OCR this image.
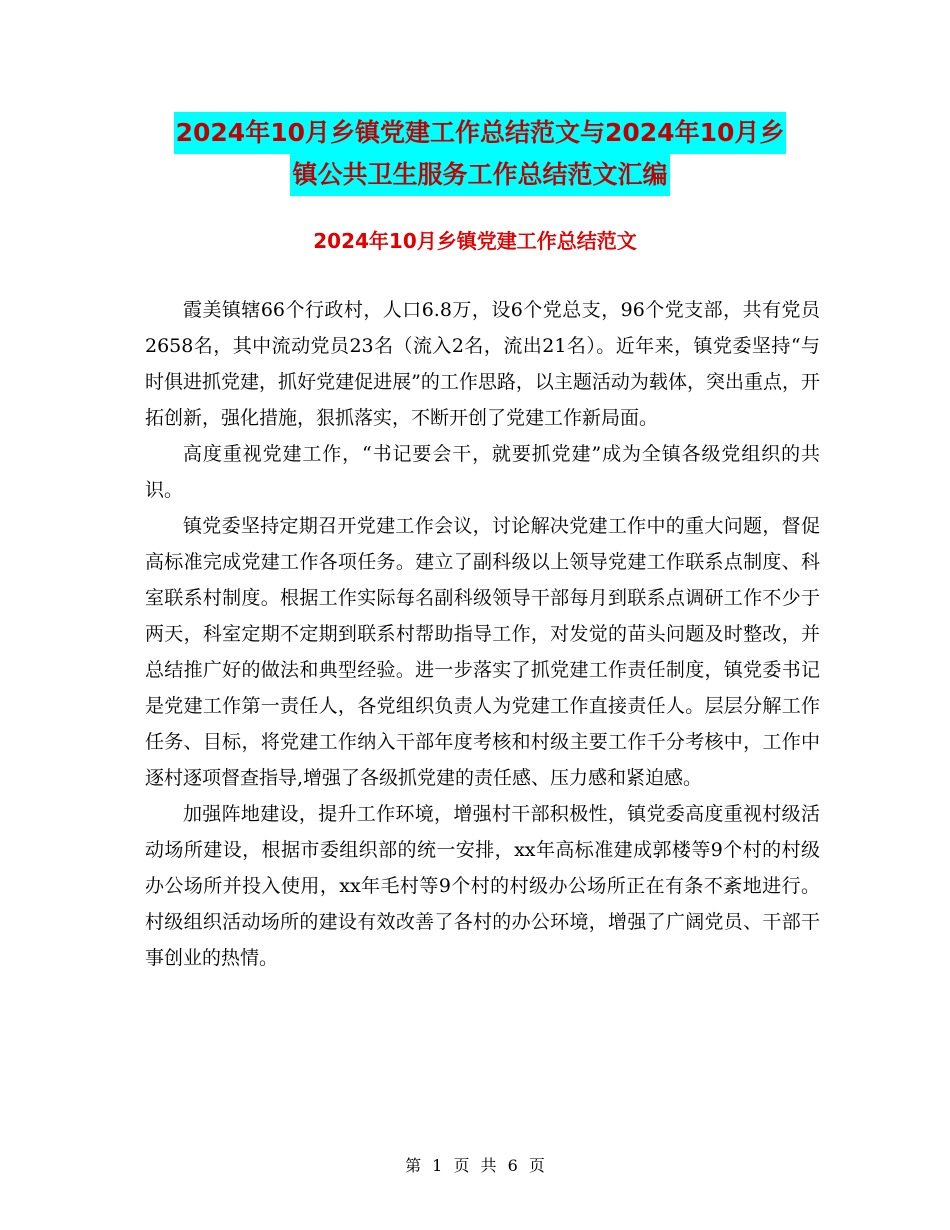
2024年10月乡镇党建工作总结范文与2024年10月乡
镇公共卫生服务工作总结范文汇编
2024年10月乡镇党建工作总结范文

霞美镇辖66个行政村，人口6.8万，设6个党总支，96个党支部，共有党员2658名，其中流动党员23名（流入2名，流出21名）。近年来，镇党委坚持“与时俱进抓党建，抓好党建促进展”的工作思路，以主题活动为载体，突出重点，开拓创新，强化措施，狠抓落实，不断开创了党建工作新局面。

高度重视党建工作，“书记要会干，就要抓党建”成为全镇各级党组织的共识。

镇党委坚持定期召开党建工作会议，讨论解决党建工作中的重大问题，督促高标准完成党建工作各项任务。建立了副科级以上领导党建工作联系点制度、科室联系村制度。根据工作实际每名副科级领导干部每月到联系点调研工作不少于两天，科室定期不定期到联系村帮助指导工作，对发觉的苗头问题及时整改，并总结推广好的做法和典型经验。进一步落实了抓党建工作责任制度，镇党委书记是党建工作第一责任人，各党组织负责人为党建工作直接责任人。层层分解工作任务、目标，将党建工作纳入干部年度考核和村级主要工作千分考核中，工作中逐村逐项督查指导,增强了各级抓党建的责任感、压力感和紧迫感。

加强阵地建设，提升工作环境，增强村干部积极性，镇党委高度重视村级活动场所建设，根据市委组织部的统一安排，xx年高标准建成郭楼等9个村的村级办公场所并投入使用，xx年毛村等9个村的村级办公场所正在有条不紊地进行。村级组织活动场所的建设有效改善了各村的办公环境，增强了广阔党员、干部干事创业的热情。

第 1 页 共 6 页
